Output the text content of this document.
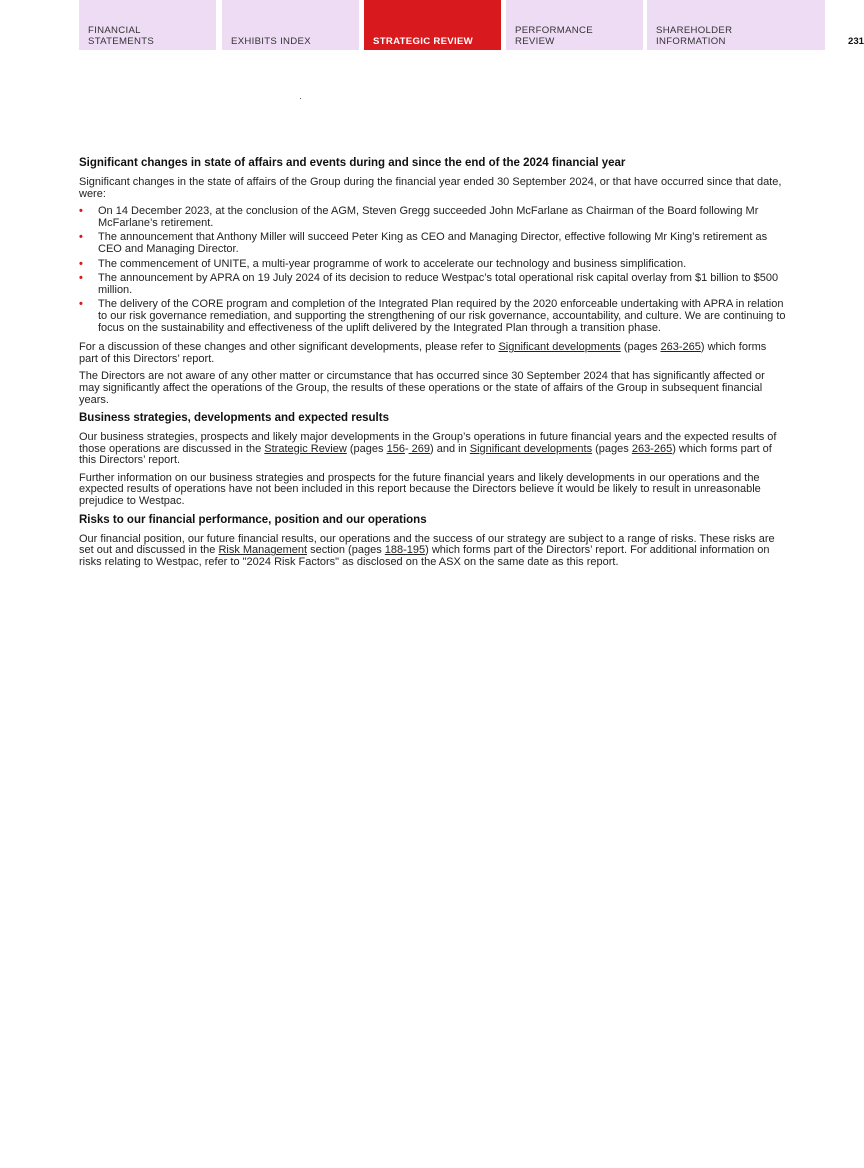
FINANCIAL
STATEMENTS	EXHIBITS INDEX	STRATEGIC REVIEW
PERFORMANCE
REVIEW
SHAREHOLDER
INFORMATION	231
Significant changes in state of affairs and events during and since the end of the 2024 financial year

Significant changes in the state of affairs of the Group during the financial year ended 30 September 2024, or that have occurred since that date, were:

• On 14 December 2023, at the conclusion of the AGM, Steven Gregg succeeded John McFarlane as Chairman of the Board following Mr McFarlane’s retirement.
• The announcement that Anthony Miller will succeed Peter King as CEO and Managing Director, effective following Mr King’s retirement as CEO and Managing Director.
• The commencement of UNITE, a multi-year programme of work to accelerate our technology and business simplification.
• The announcement by APRA on 19 July 2024 of its decision to reduce Westpac’s total operational risk capital overlay from $1 billion to $500 million.
• The delivery of the CORE program and completion of the Integrated Plan required by the 2020 enforceable undertaking with APRA in relation to our risk governance remediation, and supporting the strengthening of our risk governance, accountability, and culture. We are continuing to focus on the sustainability and effectiveness of the uplift delivered by the Integrated Plan through a transition phase.

For a discussion of these changes and other significant developments, please refer to Significant developments (pages 263-265) which forms part of this Directors’ report.

The Directors are not aware of any other matter or circumstance that has occurred since 30 September 2024 that has significantly affected or may significantly affect the operations of the Group, the results of these operations or the state of affairs of the Group in subsequent financial years.

Business strategies, developments and expected results

Our business strategies, prospects and likely major developments in the Group’s operations in future financial years and the expected results of those operations are discussed in the Strategic Review (pages 156- 269) and in Significant developments (pages 263-265) which forms part of this Directors’ report.

Further information on our business strategies and prospects for the future financial years and likely developments in our operations and the expected results of operations have not been included in this report because the Directors believe it would be likely to result in unreasonable prejudice to Westpac.

Risks to our financial performance, position and our operations

Our financial position, our future financial results, our operations and the success of our strategy are subject to a range of risks. These risks are set out and discussed in the Risk Management section (pages 188-195) which forms part of the Directors’ report. For additional information on risks relating to Westpac, refer to "2024 Risk Factors" as disclosed on the ASX on the same date as this report.
